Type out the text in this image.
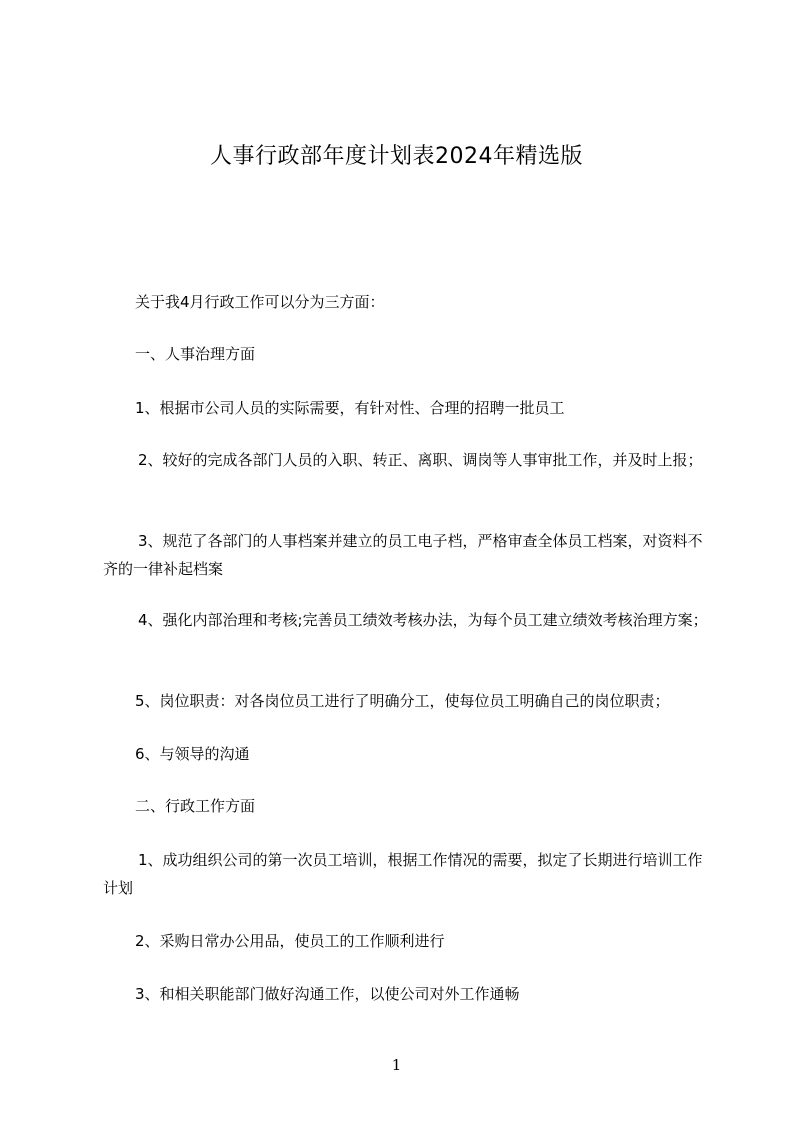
人事行政部年度计划表2024年精选版
关于我4月行政工作可以分为三方面：
一、人事治理方面
1、根据市公司人员的实际需要，有针对性、合理的招聘一批员工
2、较好的完成各部门人员的入职、转正、离职、调岗等人事审批工作，并及时上报；
3、规范了各部门的人事档案并建立的员工电子档，严格审查全体员工档案，对资料不齐的一律补起档案
4、强化内部治理和考核;完善员工绩效考核办法，为每个员工建立绩效考核治理方案；
5、岗位职责：对各岗位员工进行了明确分工，使每位员工明确自己的岗位职责；
6、与领导的沟通
二、行政工作方面
1、成功组织公司的第一次员工培训，根据工作情况的需要，拟定了长期进行培训工作计划
2、采购日常办公用品，使员工的工作顺利进行
3、和相关职能部门做好沟通工作，以使公司对外工作通畅
1
